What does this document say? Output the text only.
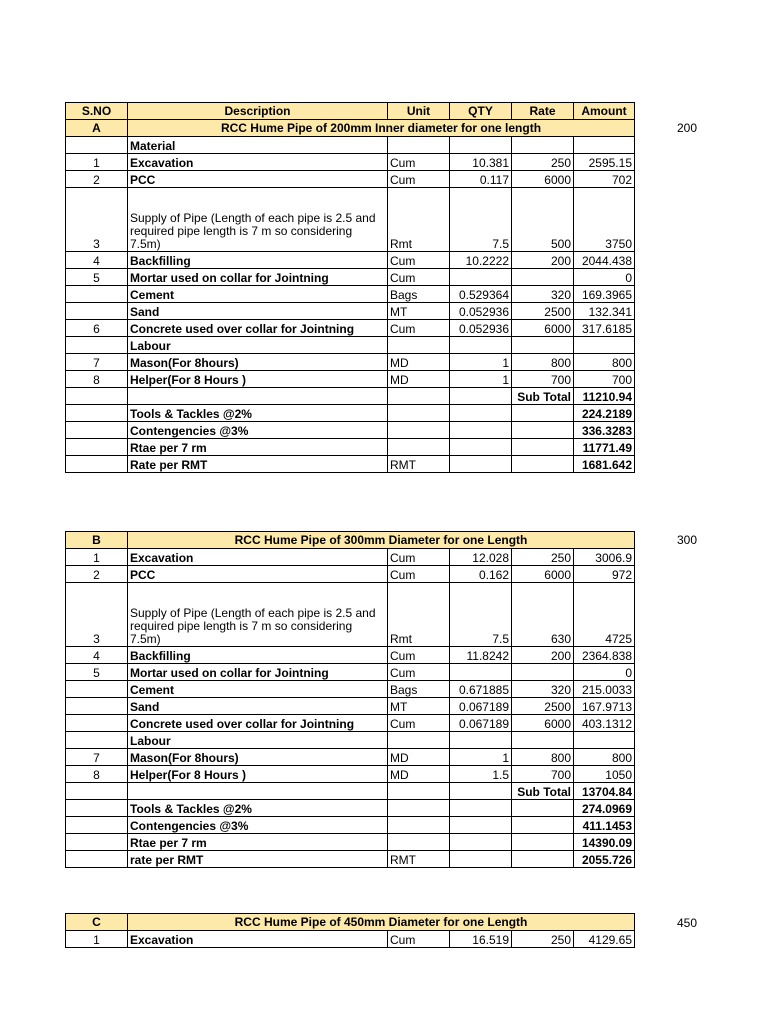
S.NO	Description	Unit	QTY	Rate	Amount
A	RCC Hume Pipe of 200mm Inner diameter for one length				
	Material				
1	Excavation	Cum	10.381	250	2595.15
2	PCC	Cum	0.117	6000	702
3	Supply of Pipe (Length of each pipe is 2.5 and required pipe length is 7 m so considering 7.5m)	Rmt	7.5	500	3750
4	Backfilling	Cum	10.2222	200	2044.438
5	Mortar used on collar for Jointning	Cum			0
	Cement	Bags	0.529364	320	169.3965
	Sand	MT	0.052936	2500	132.341
6	Concrete used over collar for Jointning	Cum	0.052936	6000	317.6185
	Labour				
7	Mason(For 8hours)	MD	1	800	800
8	Helper(For 8 Hours )	MD	1	700	700
				Sub Total	11210.94
	Tools & Tackles @2%				224.2189
	Contengencies @3%				336.3283
	Rtae per 7 rm				11771.49
	Rate per RMT	RMT			1681.642
200
B	RCC Hume Pipe of 300mm Diameter for one Length				
1	Excavation	Cum	12.028	250	3006.9
2	PCC	Cum	0.162	6000	972
3	Supply of Pipe (Length of each pipe is 2.5 and required pipe length is 7 m so considering 7.5m)	Rmt	7.5	630	4725
4	Backfilling	Cum	11.8242	200	2364.838
5	Mortar used on collar for Jointning	Cum			0
	Cement	Bags	0.671885	320	215.0033
	Sand	MT	0.067189	2500	167.9713
	Concrete used over collar for Jointning	Cum	0.067189	6000	403.1312
	Labour				
7	Mason(For 8hours)	MD	1	800	800
8	Helper(For 8 Hours )	MD	1.5	700	1050
				Sub Total	13704.84
	Tools & Tackles @2%				274.0969
	Contengencies @3%				411.1453
	Rtae per 7 rm				14390.09
	rate per RMT	RMT			2055.726
300
C	RCC Hume Pipe of 450mm Diameter for one Length				
1	Excavation	Cum	16.519	250	4129.65
450
